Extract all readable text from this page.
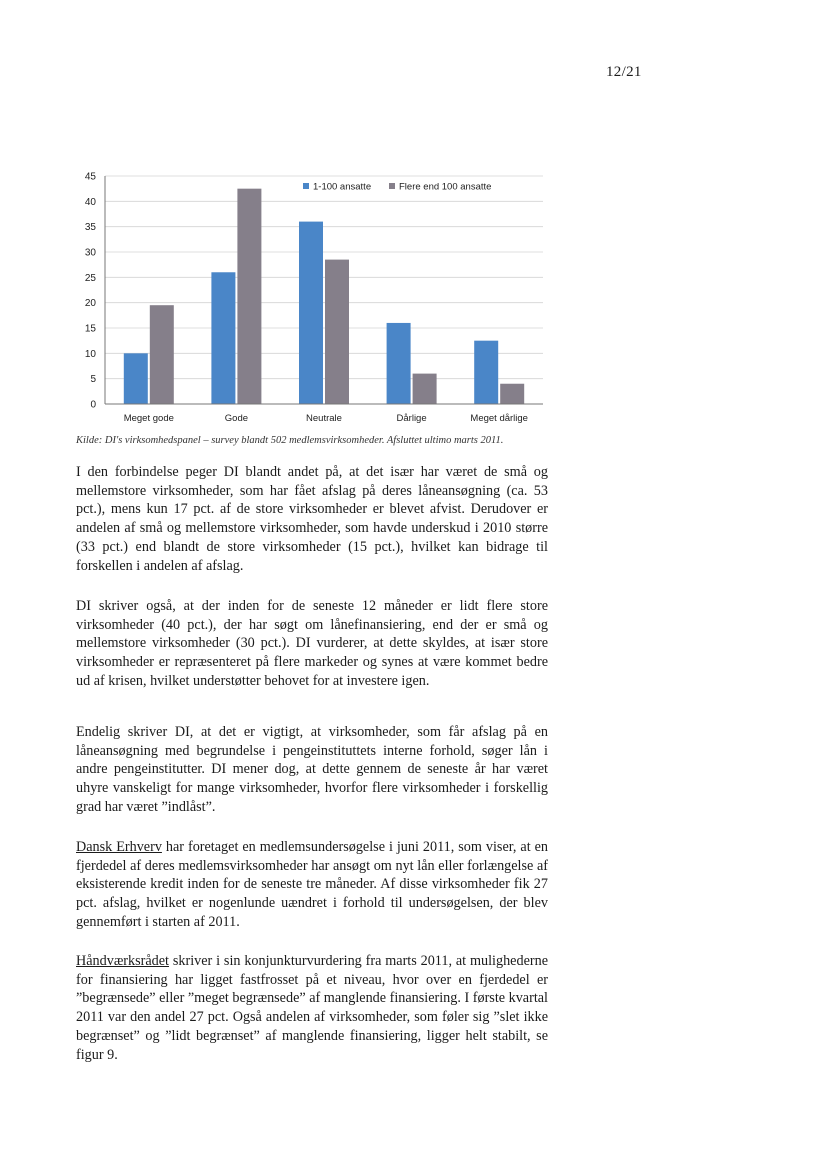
12/21
0
5
10
15
20
25
30
35
40
45
Meget gode	Gode	Neutrale	Dårlige	Meget dårlige
1-100 ansatte	Flere end 100 ansatte
Kilde: DI's virksomhedspanel – survey blandt 502 medlemsvirksomheder. Afsluttet ultimo marts 2011.

I den forbindelse peger DI blandt andet på, at det især har været de små og mellemstore virksomheder, som har fået afslag på deres låneansøgning (ca. 53 pct.), mens kun 17 pct. af de store virksomheder er blevet afvist. Derudover er andelen af små og mellemstore virksomheder, som havde underskud i 2010 større (33 pct.) end blandt de store virksomheder (15 pct.), hvilket kan bidrage til forskellen i andelen af afslag.

DI skriver også, at der inden for de seneste 12 måneder er lidt flere store virksomheder (40 pct.), der har søgt om lånefinansiering, end der er små og mellemstore virksomheder (30 pct.). DI vurderer, at dette skyldes, at især store virksomheder er repræsenteret på flere markeder og synes at være kommet bedre ud af krisen, hvilket understøtter behovet for at investere igen.

Endelig skriver DI, at det er vigtigt, at virksomheder, som får afslag på en låneansøgning med begrundelse i pengeinstituttets interne forhold, søger lån i andre pengeinstitutter. DI mener dog, at dette gennem de seneste år har været uhyre vanskeligt for mange virksomheder, hvorfor flere virksomheder i forskellig grad har været ”indlåst”.

Dansk Erhverv har foretaget en medlemsundersøgelse i juni 2011, som viser, at en fjerdedel af deres medlemsvirksomheder har ansøgt om nyt lån eller forlængelse af eksisterende kredit inden for de seneste tre måneder. Af disse virksomheder fik 27 pct. afslag, hvilket er nogenlunde uændret i forhold til undersøgelsen, der blev gennemført i starten af 2011.

Håndværksrådet skriver i sin konjunkturvurdering fra marts 2011, at mulighederne for finansiering har ligget fastfrosset på et niveau, hvor over en fjerdedel er ”begrænsede” eller ”meget begrænsede” af manglende finansiering. I første kvartal 2011 var den andel 27 pct. Også andelen af virksomheder, som føler sig ”slet ikke begrænset” og ”lidt begrænset” af manglende finansiering, ligger helt stabilt, se figur 9.
